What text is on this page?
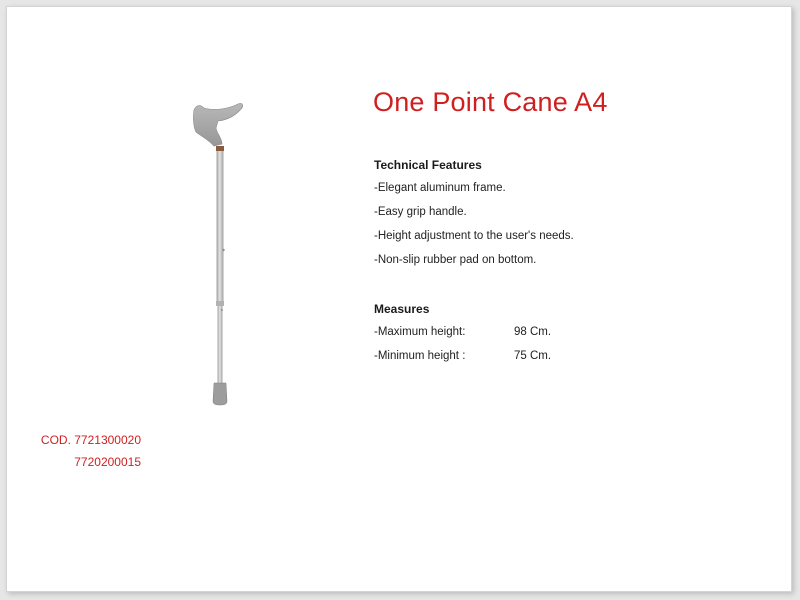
One Point Cane A4
Technical Features
-Elegant aluminum frame.
-Easy grip handle.
-Height adjustment to the user's needs.
-Non-slip rubber pad on bottom.
Measures
-Maximum height:	98 Cm.
-Minimum height :	75 Cm.
COD. 7721300020
7720200015
